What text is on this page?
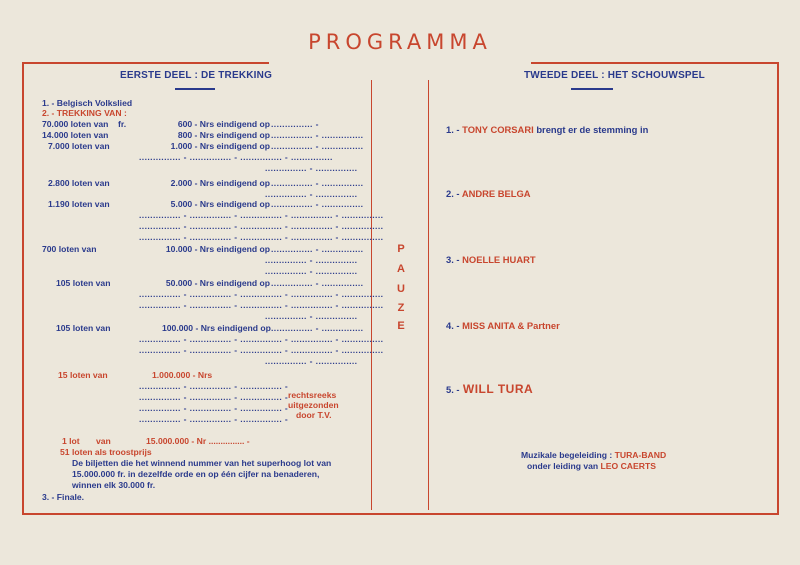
PROGRAMMA
EERSTE DEEL : DE TREKKING
1. - Belgisch Volkslied
2. - TREKKING VAN :
70.000 loten van fr.	600 - Nrs eindigend op ............... -
14.000 loten van	800 - Nrs eindigend op ............... - ...............
7.000 loten van	1.000 - Nrs eindigend op ............... - ...............
............... - ............... - ............... - ...............
............... - ...............
2.800 loten van	2.000 - Nrs eindigend op ............... - ...............
............... - ...............
1.190 loten van	5.000 - Nrs eindigend op ............... - ...............
............... - ............... - ............... - ............... - ...............
............... - ............... - ............... - ............... - ...............
............... - ............... - ............... - ............... - ...............
700 loten van	10.000 - Nrs eindigend op ............... - ...............
............... - ...............
............... - ...............
105 loten van	50.000 - Nrs eindigend op ............... - ...............
............... - ............... - ............... - ............... - ...............
............... - ............... - ............... - ............... - ...............
............... - ...............
105 loten van	100.000 - Nrs eindigend op ............... - ...............
............... - ............... - ............... - ............... - ...............
............... - ............... - ............... - ............... - ...............
............... - ...............
15 loten van	1.000.000 - Nrs
............... - ............... - ............... -
............... - ............... - ............... -
............... - ............... - ............... -
............... - ............... - ............... -
rechtsreeks
uitgezonden
door T.V.
1 lot van	15.000.000 - Nr ............... -
51 loten als troostprijs
De biljetten die het winnend nummer van het superhoog lot van
15.000.000 fr. in dezelfde orde en op één cijfer na benaderen,
winnen elk 30.000 fr.
3. - Finale.
P
A
U
Z
E
TWEEDE DEEL : HET SCHOUWSPEL
1. - TONY CORSARI brengt er de stemming in
2. - ANDRE BELGA
3. - NOELLE HUART
4. - MISS ANITA & Partner
5. - WILL TURA
Muzikale begeleiding : TURA-BAND
onder leiding van LEO CAERTS
